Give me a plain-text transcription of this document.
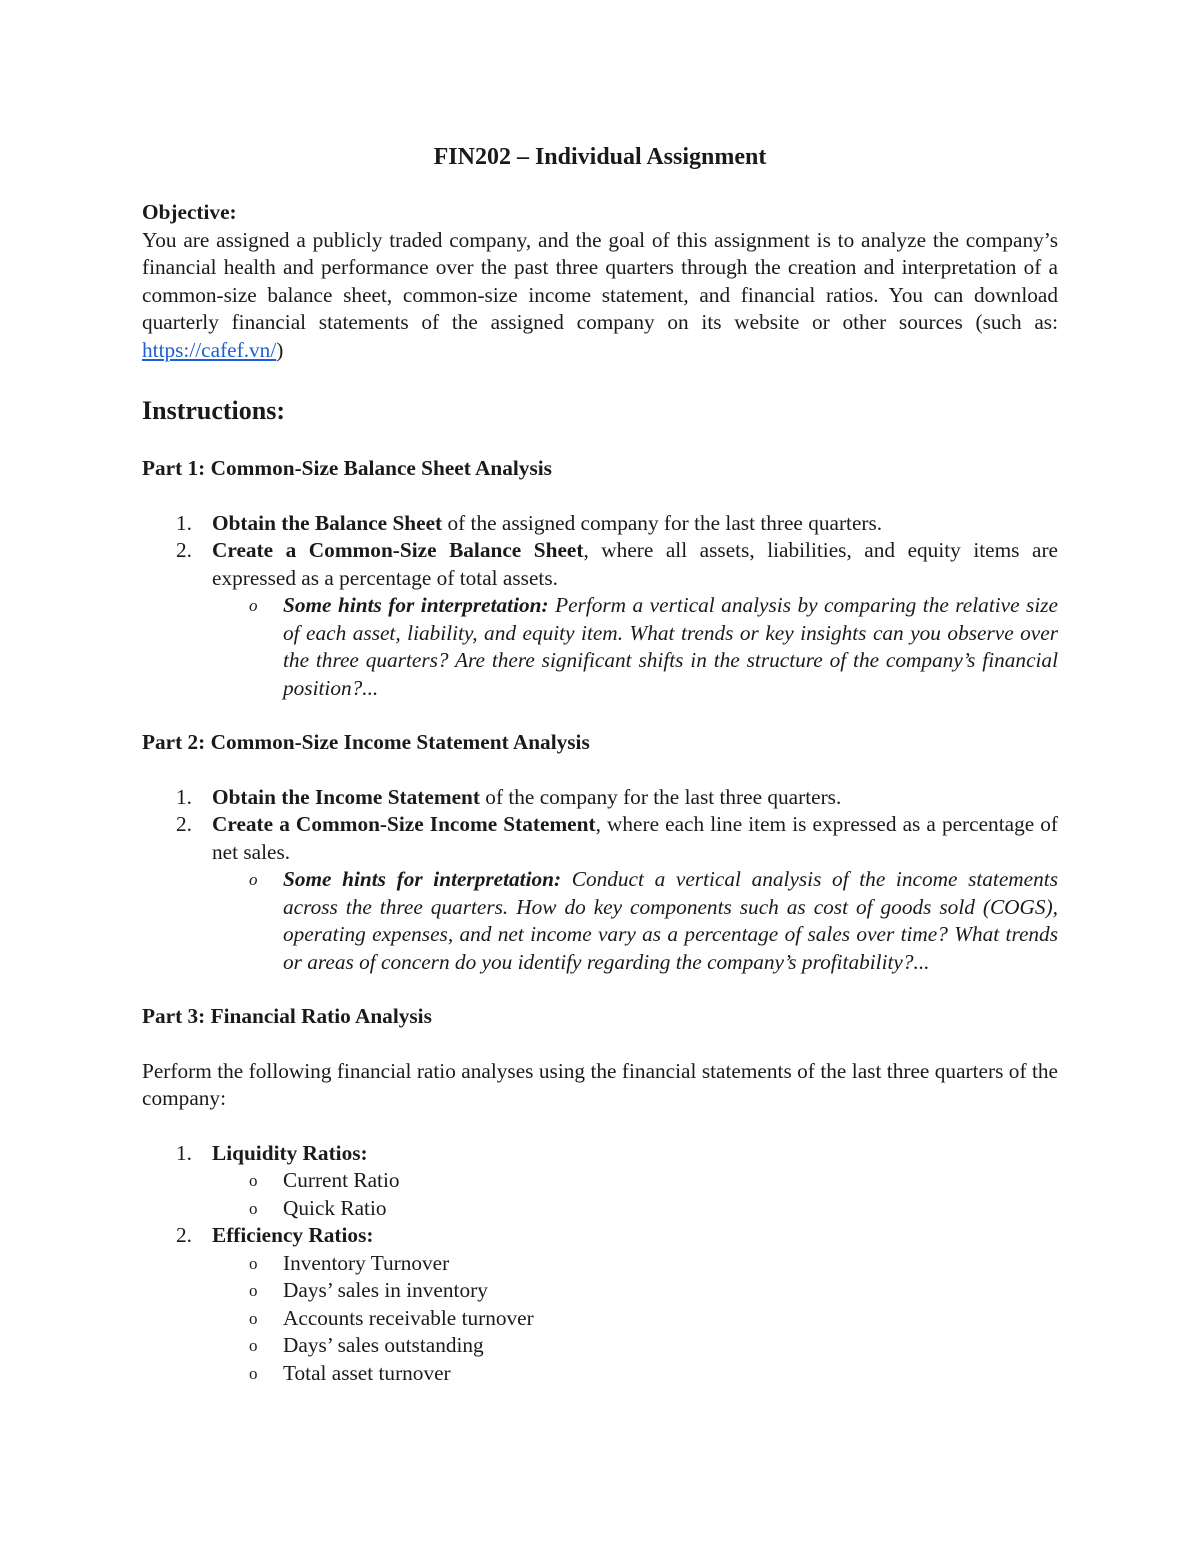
FIN202 – Individual Assignment
Objective:

You are assigned a publicly traded company, and the goal of this assignment is to analyze the company’s financial health and performance over the past three quarters through the creation and interpretation of a common-size balance sheet, common-size income statement, and financial ratios. You can download quarterly financial statements of the assigned company on its website or other sources (such as: https://cafef.vn/)

Instructions:
Part 1: Common-Size Balance Sheet Analysis
1. Obtain the Balance Sheet of the assigned company for the last three quarters.
2. Create a Common-Size Balance Sheet, where all assets, liabilities, and equity items are expressed as a percentage of total assets.
o Some hints for interpretation: Perform a vertical analysis by comparing the relative size of each asset, liability, and equity item. What trends or key insights can you observe over the three quarters? Are there significant shifts in the structure of the company’s financial position?...
Part 2: Common-Size Income Statement Analysis
1. Obtain the Income Statement of the company for the last three quarters.
2. Create a Common-Size Income Statement, where each line item is expressed as a percentage of net sales.
o Some hints for interpretation: Conduct a vertical analysis of the income statements across the three quarters. How do key components such as cost of goods sold (COGS), operating expenses, and net income vary as a percentage of sales over time? What trends or areas of concern do you identify regarding the company’s profitability?...
Part 3: Financial Ratio Analysis

Perform the following financial ratio analyses using the financial statements of the last three quarters of the company:

1. Liquidity Ratios:
o Current Ratio
o Quick Ratio
2. Efficiency Ratios:
o Inventory Turnover
o Days’ sales in inventory
o Accounts receivable turnover
o Days’ sales outstanding
o Total asset turnover
